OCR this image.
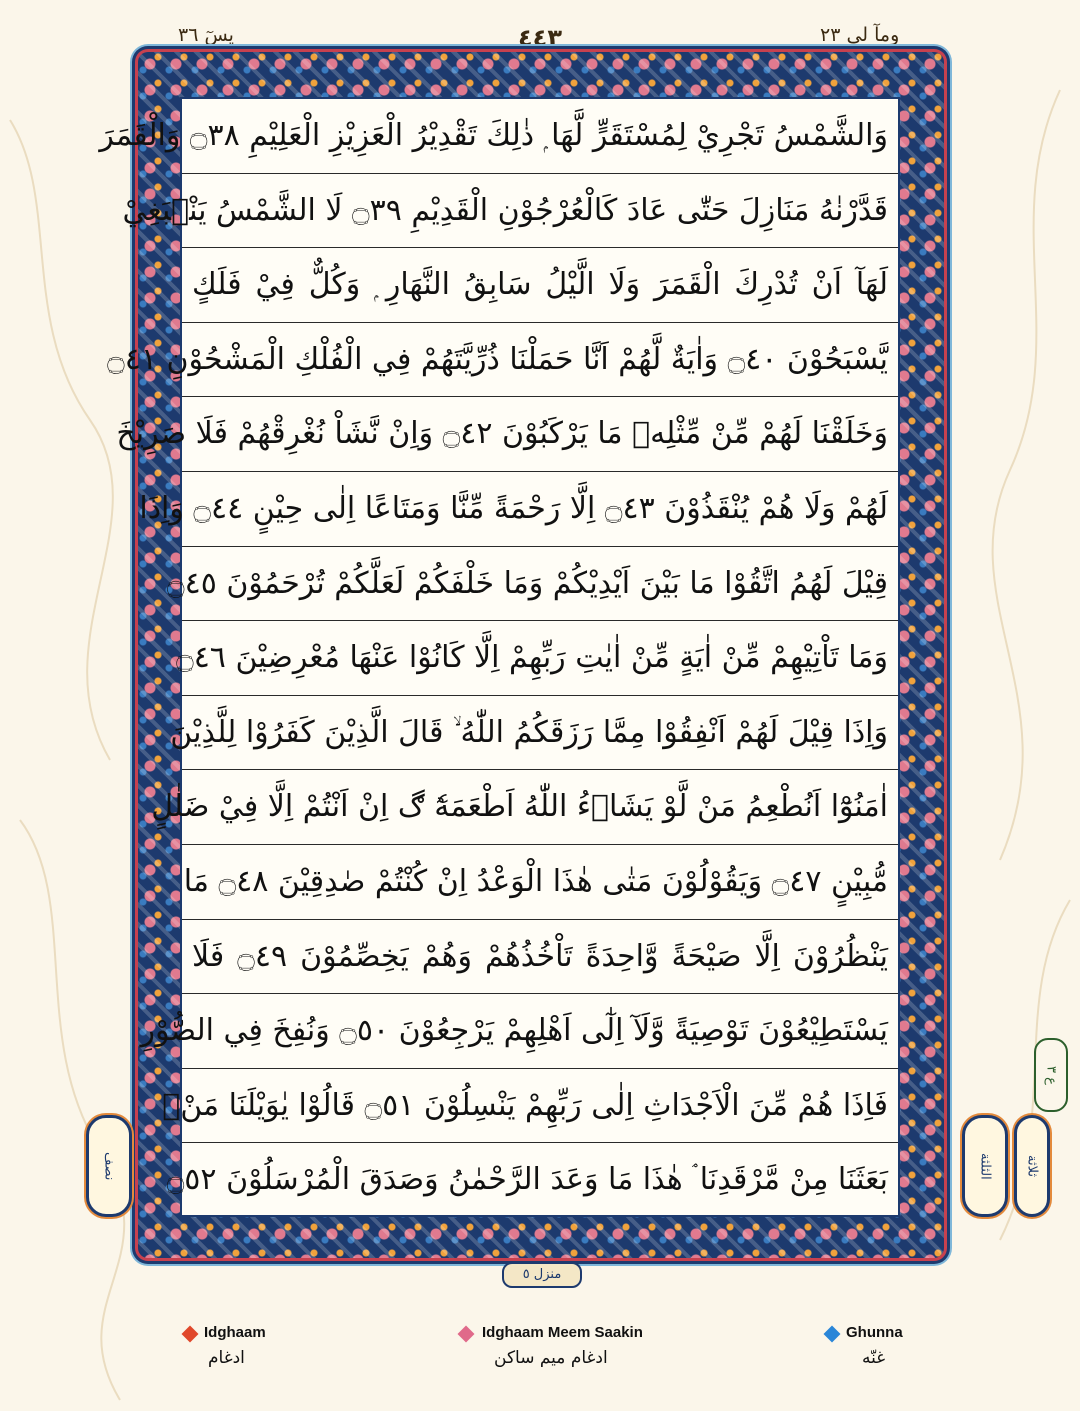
يسٓ ٣٦	٤٤٣	ومآ لى ٢٣
وَالشَّمْسُ تَجْرِيْ لِمُسْتَقَرٍّ لَّهَا ۭ ذٰلِكَ تَقْدِيْرُ الْعَزِيْزِ الْعَلِيْمِ ۝٣٨ وَالْقَمَرَ
قَدَّرْنٰهُ مَنَازِلَ حَتّٰى عَادَ كَالْعُرْجُوْنِ الْقَدِيْمِ ۝٣٩ لَا الشَّمْسُ يَنْۢبَغِيْ
لَهَآ اَنْ تُدْرِكَ الْقَمَرَ وَلَا الَّيْلُ سَابِقُ النَّهَارِ ۭ وَكُلٌّ فِيْ فَلَكٍ
يَّسْبَحُوْنَ ۝٤٠ وَاٰيَةٌ لَّهُمْ اَنَّا حَمَلْنَا ذُرِّيَّتَهُمْ فِي الْفُلْكِ الْمَشْحُوْنِ ۝٤١
وَخَلَقْنَا لَهُمْ مِّنْ مِّثْلِهٖ مَا يَرْكَبُوْنَ ۝٤٢ وَاِنْ نَّشَاْ نُغْرِقْهُمْ فَلَا صَرِيْخَ
لَهُمْ وَلَا هُمْ يُنْقَذُوْنَ ۝٤٣ اِلَّا رَحْمَةً مِّنَّا وَمَتَاعًا اِلٰى حِيْنٍ ۝٤٤ وَاِذَا
قِيْلَ لَهُمُ اتَّقُوْا مَا بَيْنَ اَيْدِيْكُمْ وَمَا خَلْفَكُمْ لَعَلَّكُمْ تُرْحَمُوْنَ ۝٤٥
وَمَا تَاْتِيْهِمْ مِّنْ اٰيَةٍ مِّنْ اٰيٰتِ رَبِّهِمْ اِلَّا كَانُوْا عَنْهَا مُعْرِضِيْنَ ۝٤٦
وَاِذَا قِيْلَ لَهُمْ اَنْفِقُوْا مِمَّا رَزَقَكُمُ اللّٰهُ ۙ قَالَ الَّذِيْنَ كَفَرُوْا لِلَّذِيْنَ
اٰمَنُوْٓا اَنُطْعِمُ مَنْ لَّوْ يَشَاۗءُ اللّٰهُ اَطْعَمَهٗٓ ڰ اِنْ اَنْتُمْ اِلَّا فِيْ ضَلٰلٍ
مُّبِيْنٍ ۝٤٧ وَيَقُوْلُوْنَ مَتٰى هٰذَا الْوَعْدُ اِنْ كُنْتُمْ صٰدِقِيْنَ ۝٤٨ مَا
يَنْظُرُوْنَ اِلَّا صَيْحَةً وَّاحِدَةً تَاْخُذُهُمْ وَهُمْ يَخِصِّمُوْنَ ۝٤٩ فَلَا
يَسْتَطِيْعُوْنَ تَوْصِيَةً وَّلَآ اِلٰٓى اَهْلِهِمْ يَرْجِعُوْنَ ۝٥٠ وَنُفِخَ فِي الصُّوْرِ
فَاِذَا هُمْ مِّنَ الْاَجْدَاثِ اِلٰى رَبِّهِمْ يَنْسِلُوْنَ ۝٥١ قَالُوْا يٰوَيْلَنَا مَنْۢ
بَعَثَنَا مِنْ مَّرْقَدِنَا ۘ هٰذَا مَا وَعَدَ الرَّحْمٰنُ وَصَدَقَ الْمُرْسَلُوْنَ ۝٥٢
نصف	الثلثة	ثلاثة
ع ٣
منزل ٥
Idghaam
ادغام
Idghaam Meem Saakin
ادغام میم ساکن
Ghunna
غنّه
